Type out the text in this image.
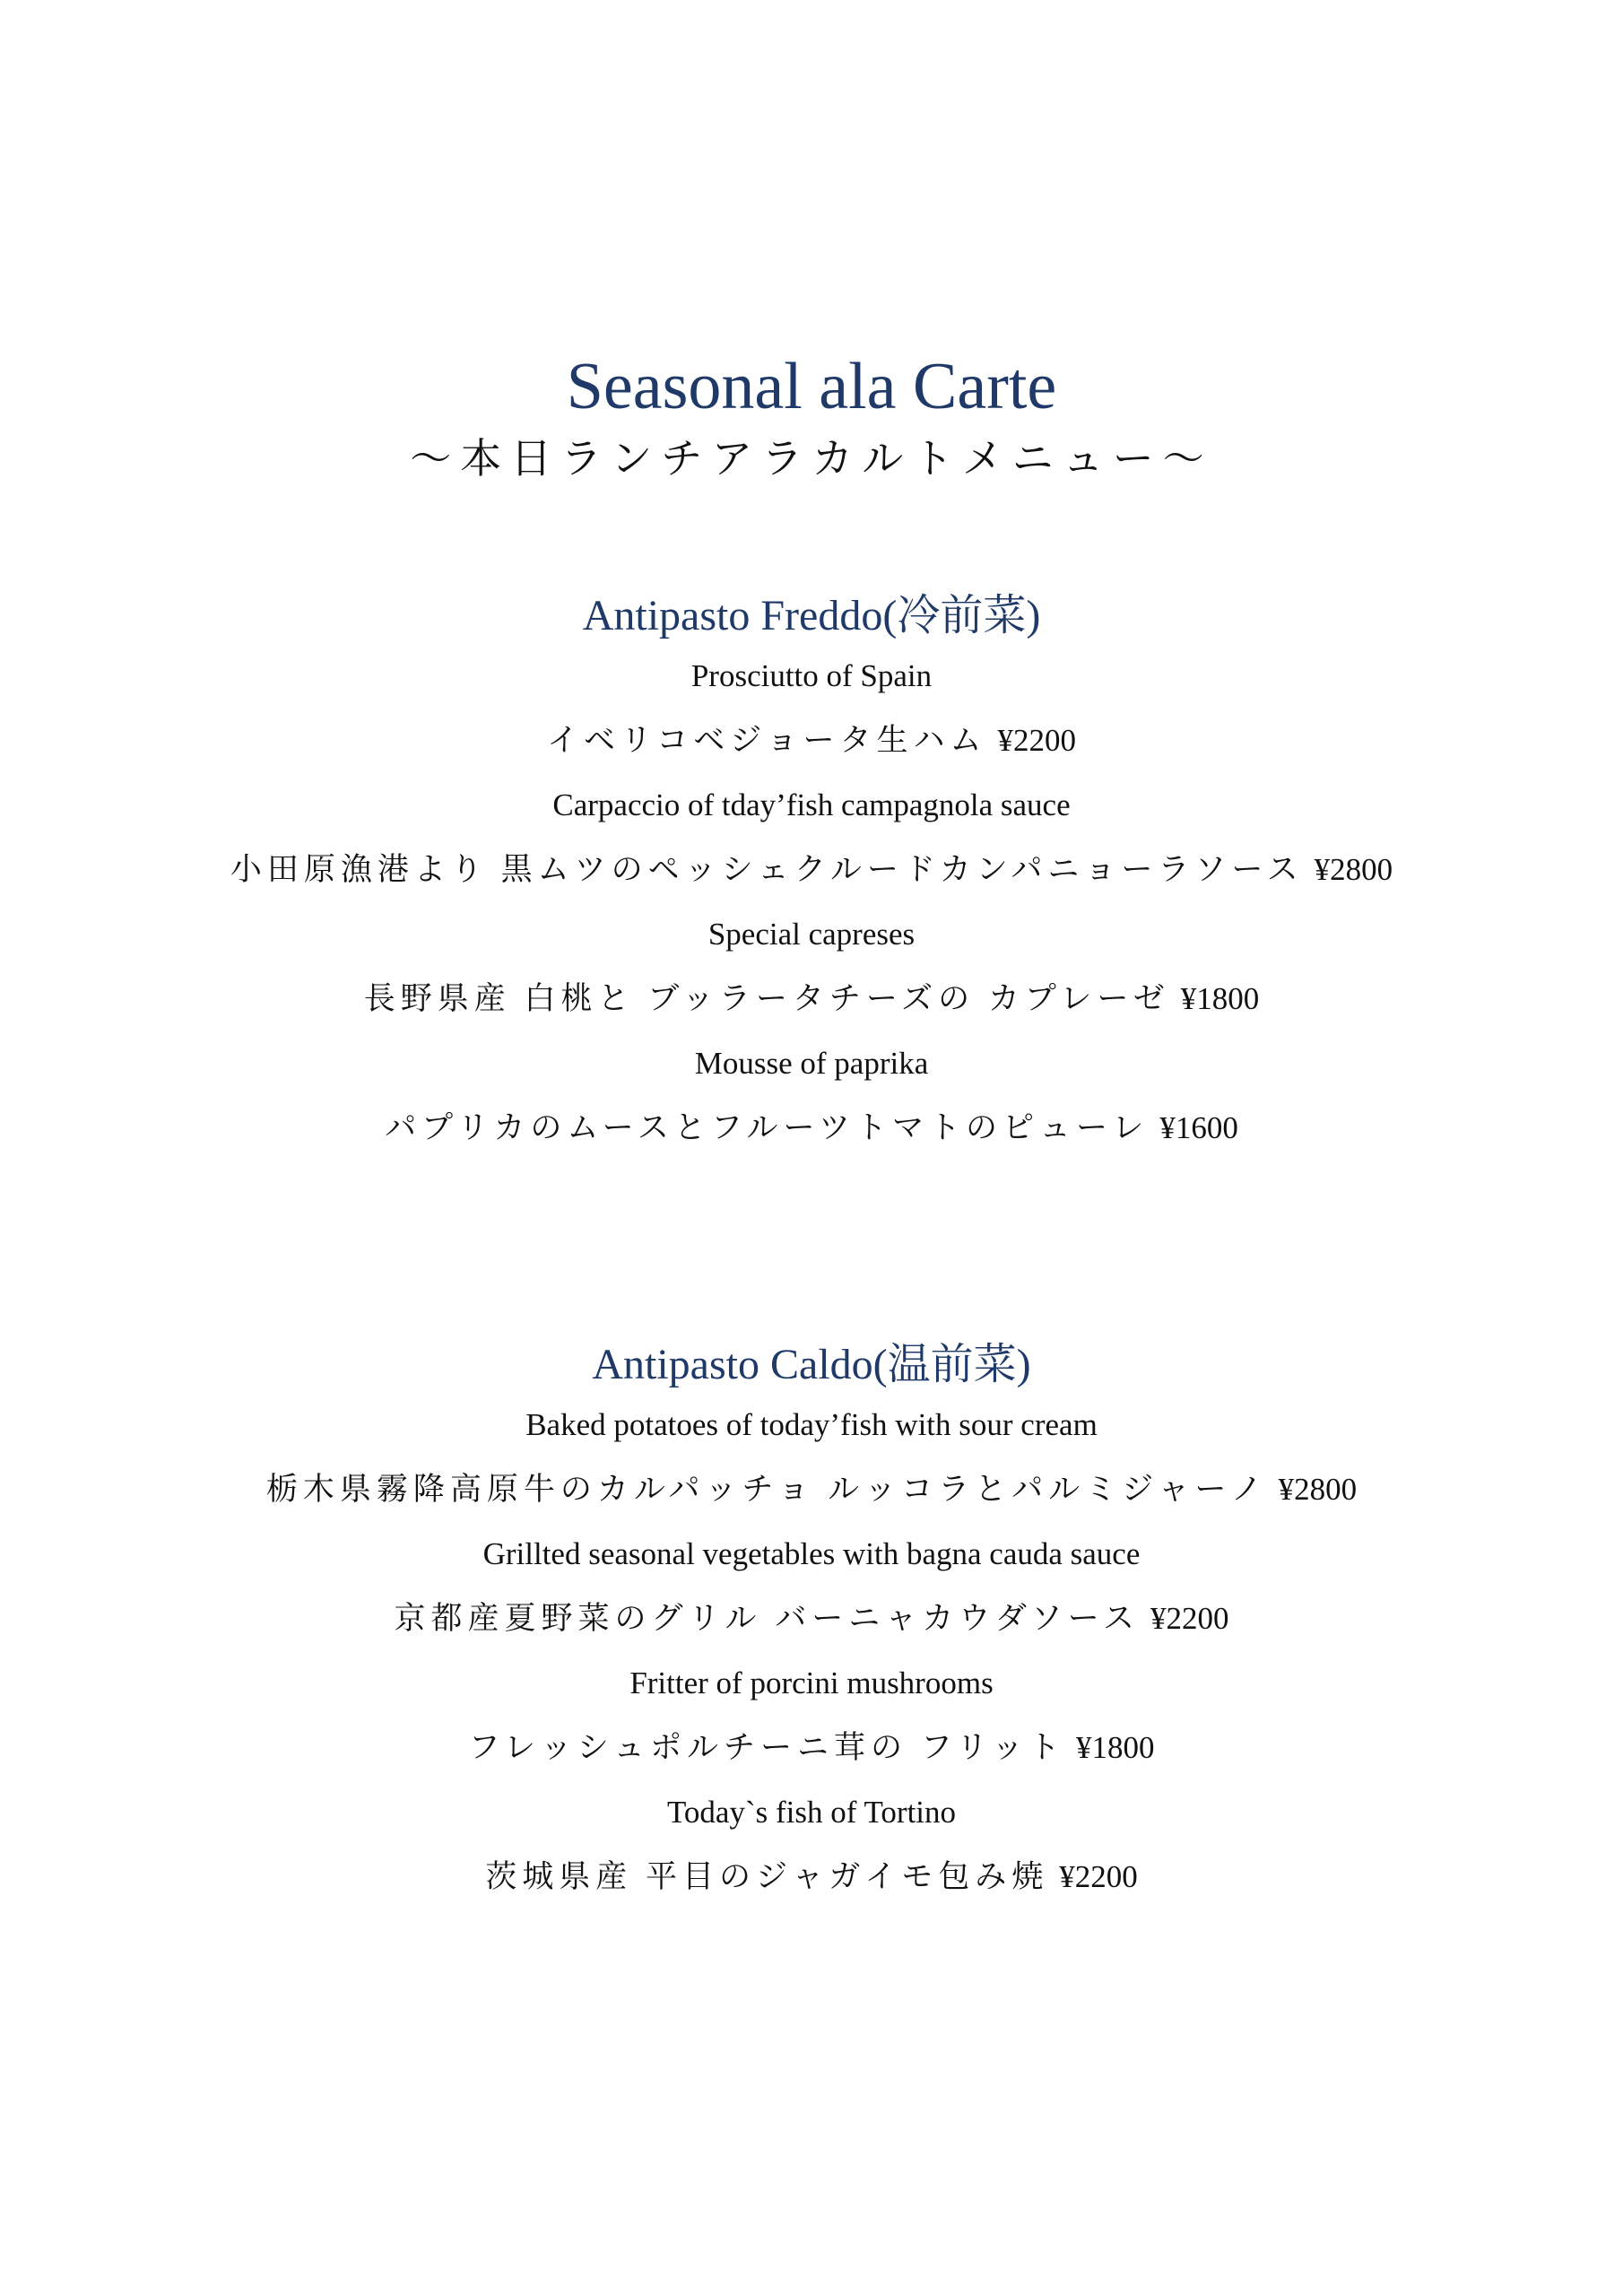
Seasonal ala Carte
～本日ランチアラカルトメニュー～
Antipasto Freddo(冷前菜)
Prosciutto of Spain
イベリコベジョータ生ハム ¥2200
Carpaccio of tday’fish campagnola sauce
小田原漁港より 黒ムツのペッシェクルードカンパニョーラソース ¥2800
Special capreses
長野県産 白桃と ブッラータチーズの カプレーゼ ¥1800
Mousse of paprika
パプリカのムースとフルーツトマトのピューレ ¥1600
Antipasto Caldo(温前菜)
Baked potatoes of today’fish with sour cream
栃木県霧降高原牛のカルパッチョ ルッコラとパルミジャーノ ¥2800
Grillted seasonal vegetables with bagna cauda sauce
京都産夏野菜のグリル バーニャカウダソース ¥2200
Fritter of porcini mushrooms
フレッシュポルチーニ茸の フリット ¥1800
Today`s fish of Tortino
茨城県産 平目のジャガイモ包み焼 ¥2200
